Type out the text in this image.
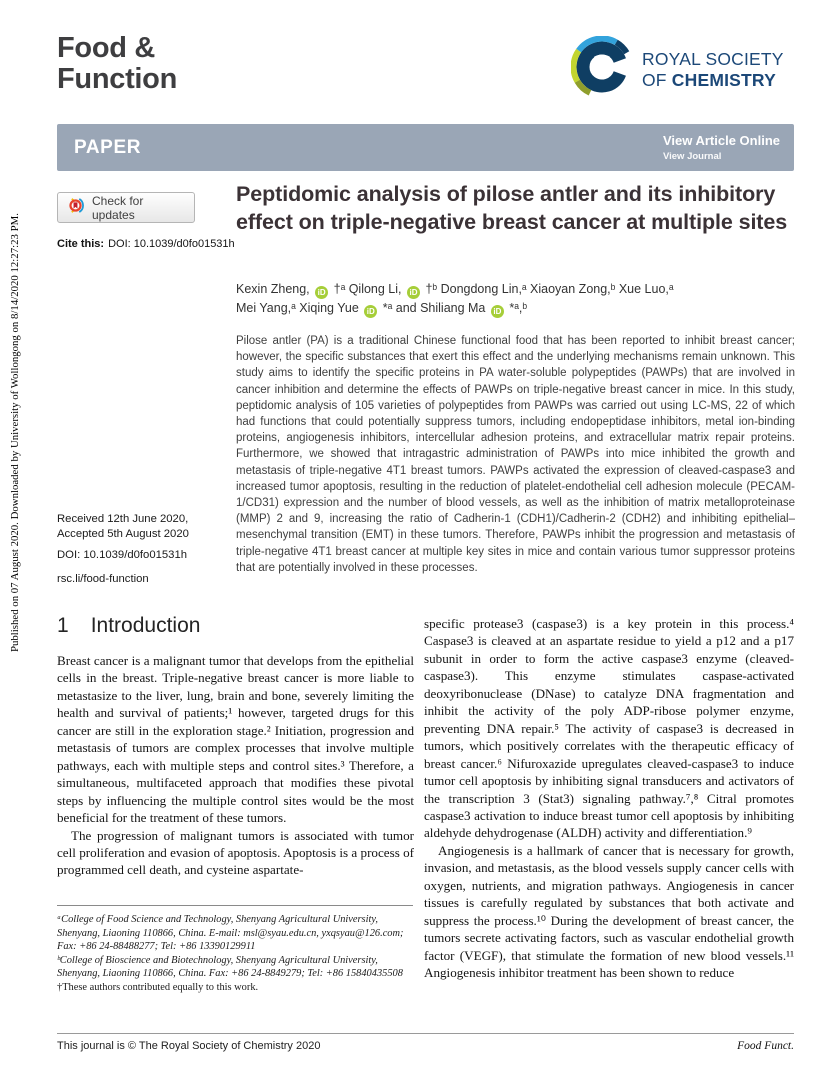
Published on 07 August 2020. Downloaded by University of Wollongong on 8/14/2020 12:27:23 PM.
Food &
Function
ROYAL SOCIETY
OF CHEMISTRY
PAPER	View Article Online
View Journal
Check for updates
Cite this: DOI: 10.1039/d0fo01531h
Peptidomic analysis of pilose antler and its inhibitory effect on triple-negative breast cancer at multiple sites
Kexin Zheng, iD †ᵃ Qilong Li, iD †ᵇ Dongdong Lin,ᵃ Xiaoyan Zong,ᵇ Xue Luo,ᵃ
Mei Yang,ᵃ Xiqing Yue iD *ᵃ and Shiliang Ma iD *ᵃ,ᵇ
Pilose antler (PA) is a traditional Chinese functional food that has been reported to inhibit breast cancer; however, the specific substances that exert this effect and the underlying mechanisms remain unknown. This study aims to identify the specific proteins in PA water-soluble polypeptides (PAWPs) that are involved in cancer inhibition and determine the effects of PAWPs on triple-negative breast cancer in mice. In this study, peptidomic analysis of 105 varieties of polypeptides from PAWPs was carried out using LC-MS, 22 of which had functions that could potentially suppress tumors, including endopeptidase inhibitors, metal ion-binding proteins, angiogenesis inhibitors, intercellular adhesion proteins, and extracellular matrix repair proteins. Furthermore, we showed that intragastric administration of PAWPs into mice inhibited the growth and metastasis of triple-negative 4T1 breast tumors. PAWPs activated the expression of cleaved-caspase3 and increased tumor apoptosis, resulting in the reduction of platelet-endothelial cell adhesion molecule (PECAM-1/CD31) expression and the number of blood vessels, as well as the inhibition of matrix metalloproteinase (MMP) 2 and 9, increasing the ratio of Cadherin-1 (CDH1)/Cadherin-2 (CDH2) and inhibiting epithelial–mesenchymal transition (EMT) in these tumors. Therefore, PAWPs inhibit the progression and metastasis of triple-negative 4T1 breast cancer at multiple key sites in mice and contain various tumor suppressor proteins that are potentially involved in these processes.
Received 12th June 2020,
Accepted 5th August 2020
DOI: 10.1039/d0fo01531h
rsc.li/food-function
1 Introduction

Breast cancer is a malignant tumor that develops from the epithelial cells in the breast. Triple-negative breast cancer is more liable to metastasize to the liver, lung, brain and bone, severely limiting the health and survival of patients;¹ however, targeted drugs for this cancer are still in the exploration stage.² Initiation, progression and metastasis of tumors are complex processes that involve multiple pathways, each with multiple steps and control sites.³ Therefore, a simultaneous, multifaceted approach that modifies these pivotal steps by influencing the multiple control sites would be the most beneficial for the treatment of these tumors.

The progression of malignant tumors is associated with tumor cell proliferation and evasion of apoptosis. Apoptosis is a process of programmed cell death, and cysteine aspartate-

specific protease3 (caspase3) is a key protein in this process.⁴ Caspase3 is cleaved at an aspartate residue to yield a p12 and a p17 subunit in order to form the active caspase3 enzyme (cleaved-caspase3). This enzyme stimulates caspase-activated deoxyribonuclease (DNase) to catalyze DNA fragmentation and inhibit the activity of the poly ADP-ribose polymer enzyme, preventing DNA repair.⁵ The activity of caspase3 is decreased in tumors, which positively correlates with the therapeutic efficacy of breast cancer.⁶ Nifuroxazide upregulates cleaved-caspase3 to induce tumor cell apoptosis by inhibiting signal transducers and activators of the transcription 3 (Stat3) signaling pathway.⁷,⁸ Citral promotes caspase3 activation to induce breast tumor cell apoptosis by inhibiting aldehyde dehydrogenase (ALDH) activity and differentiation.⁹

Angiogenesis is a hallmark of cancer that is necessary for growth, invasion, and metastasis, as the blood vessels supply cancer cells with oxygen, nutrients, and migration pathways. Angiogenesis in cancer tissues is carefully regulated by substances that both activate and suppress the process.¹⁰ During the development of breast cancer, the tumors secrete activating factors, such as vascular endothelial growth factor (VEGF), that stimulate the formation of new blood vessels.¹¹ Angiogenesis inhibitor treatment has been shown to reduce

ᵃCollege of Food Science and Technology, Shenyang Agricultural University, Shenyang, Liaoning 110866, China. E-mail: msl@syau.edu.cn, yxqsyau@126.com; Fax: +86 24-88488277; Tel: +86 13390129911

ᵇCollege of Bioscience and Biotechnology, Shenyang Agricultural University, Shenyang, Liaoning 110866, China. Fax: +86 24-8849279; Tel: +86 15840435508

†These authors contributed equally to this work.

This journal is © The Royal Society of Chemistry 2020	Food Funct.
